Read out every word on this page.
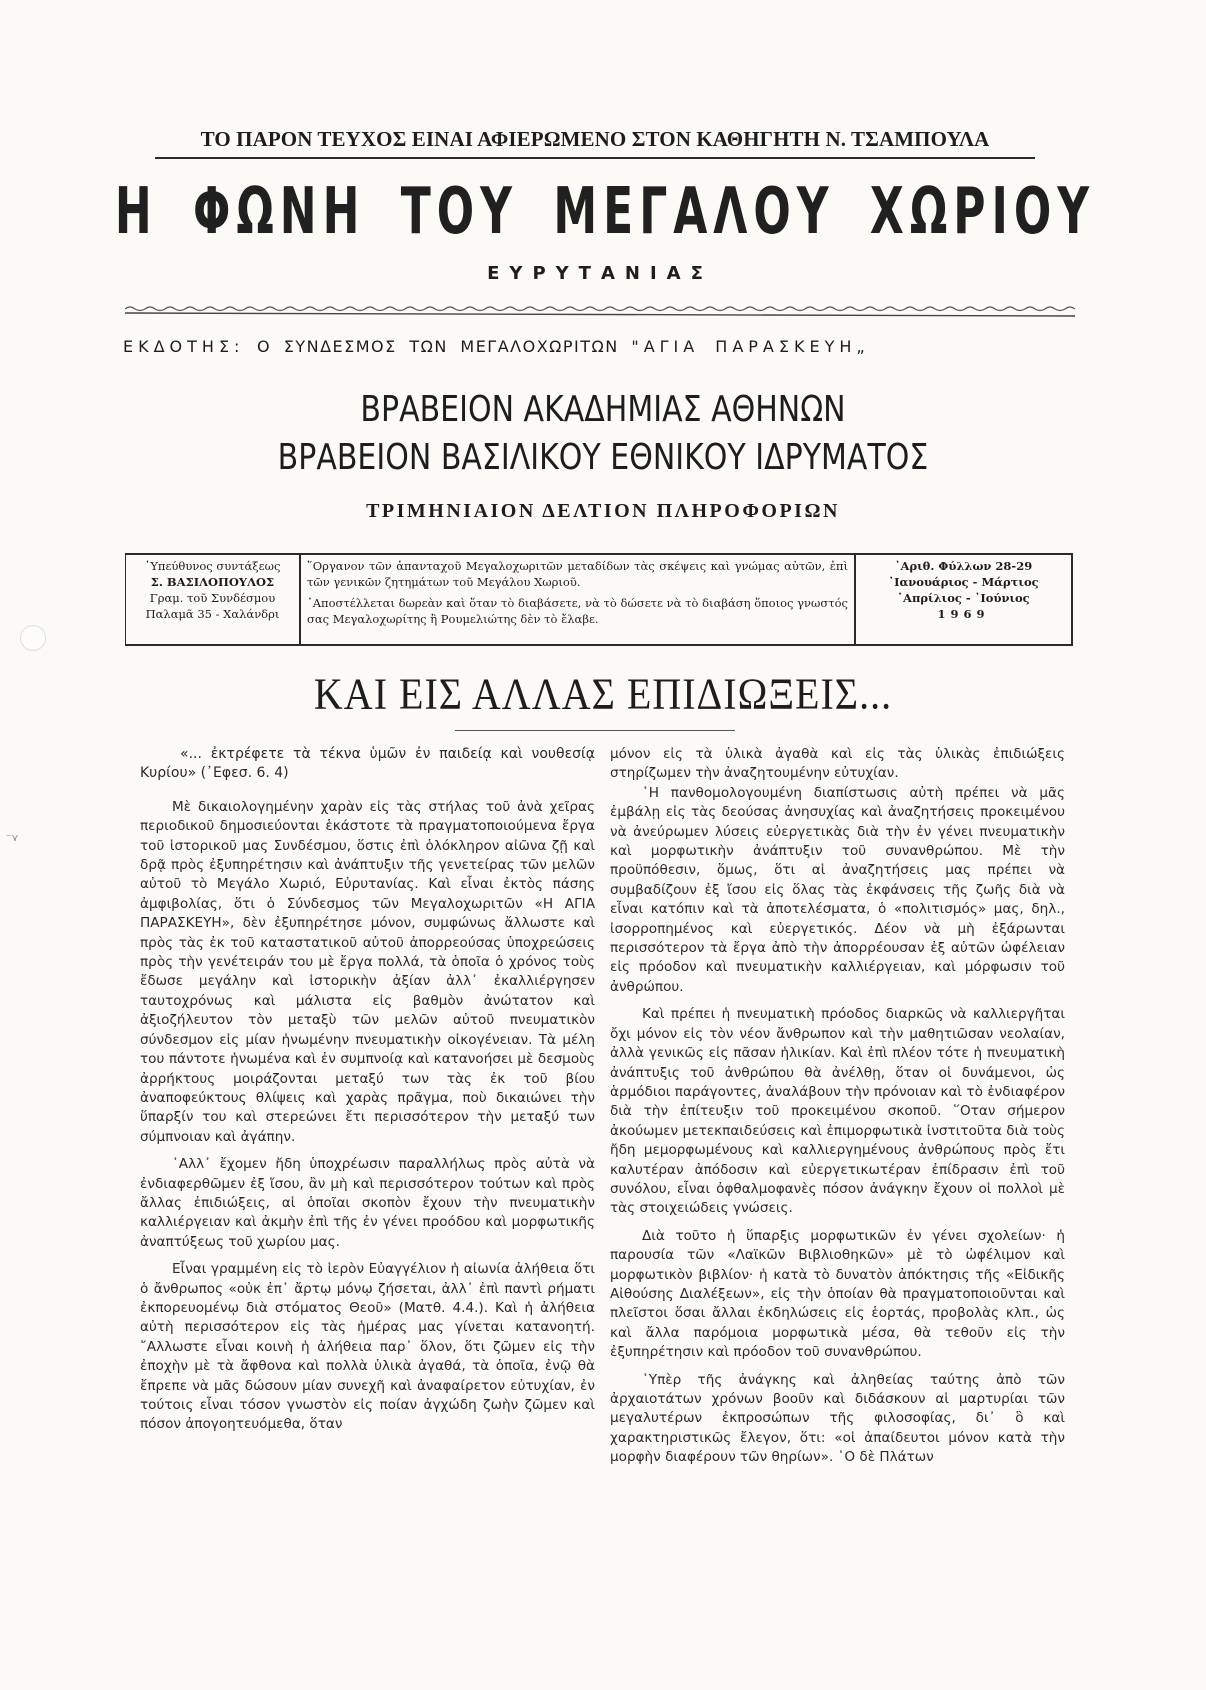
ΤΟ ΠΑΡΟΝ ΤΕΥΧΟΣ ΕΙΝΑΙ ΑΦΙΕΡΩΜΕΝΟ ΣΤΟΝ ΚΑΘΗΓΗΤΗ Ν. ΤΣΑΜΠΟΥΛΑ
Η ΦΩΝΗ ΤΟΥ ΜΕΓΑΛΟΥ ΧΩΡΙΟΥ
ΕΥΡΥΤΑΝΙΑΣ
ΕΚΔΟΤΗΣ: Ο ΣΥΝΔΕΣΜΟΣ ΤΩΝ ΜΕΓΑΛΟΧΩΡΙΤΩΝ "ΑΓΙΑ ΠΑΡΑΣΚΕΥΗ„
ΒΡΑΒΕΙΟΝ ΑΚΑΔΗΜΙΑΣ ΑΘΗΝΩΝ
ΒΡΑΒΕΙΟΝ ΒΑΣΙΛΙΚΟΥ ΕΘΝΙΚΟΥ ΙΔΡΥΜΑΤΟΣ
ΤΡΙΜΗΝΙΑΙΟΝ ΔΕΛΤΙΟΝ ΠΛΗΡΟΦΟΡΙΩΝ
῾Υπεύθυνος συντάξεως
Σ. ΒΑΣΙΛΟΠΟΥΛΟΣ
Γραμ. τοῦ Συνδέσμου
Παλαμᾶ 35 - Χαλάνδρι

῞Οργανον τῶν ἁπανταχοῦ Μεγαλοχωριτῶν μεταδίδων τὰς σκέψεις καὶ γνώμας αὐτῶν, ἐπὶ τῶν γενικῶν ζητημάτων τοῦ Μεγάλου Χωριοῦ.

᾽Αποστέλλεται δωρεὰν καὶ ὅταν τὸ διαβάσετε, νὰ τὸ δώσετε νὰ τὸ διαβάση ὅποιος γνωστός σας Μεγαλοχωρίτης ἢ Ρουμελιώτης δὲν τὸ ἔλαβε.

᾽Αριθ. Φύλλων 28-29
᾽Ιανουάριος - Μάρτιος
᾽Απρίλιος - ᾽Ιούνιος
1969
ΚΑΙ ΕΙΣ ΑΛΛΑΣ ΕΠΙΔΙΩΞΕΙΣ...

«... ἐκτρέφετε τὰ τέκνα ὑμῶν ἐν παιδείᾳ καὶ νουθεσίᾳ Κυρίου» (᾽Εφεσ. 6. 4)

Μὲ δικαιολογημένην χαρὰν εἰς τὰς στήλας τοῦ ἀνὰ χεῖρας περιοδικοῦ δημοσιεύονται ἑκάστοτε τὰ πραγματοποιούμενα ἔργα τοῦ ἱστορικοῦ μας Συνδέσμου, ὅστις ἐπὶ ὁλόκληρον αἰῶνα ζῇ καὶ δρᾷ πρὸς ἐξυπηρέτησιν καὶ ἀνάπτυξιν τῆς γενετείρας τῶν μελῶν αὐτοῦ τὸ Μεγάλο Χωριό, Εὐρυτανίας. Καὶ εἶναι ἐκτὸς πάσης ἀμφιβολίας, ὅτι ὁ Σύνδεσμος τῶν Μεγαλοχωριτῶν «Η ΑΓΙΑ ΠΑΡΑΣΚΕΥΗ», δὲν ἐξυπηρέτησε μόνον, συμφώνως ἄλλωστε καὶ πρὸς τὰς ἐκ τοῦ καταστατικοῦ αὐτοῦ ἀπορρεούσας ὑποχρεώσεις πρὸς τὴν γενέτειράν του μὲ ἔργα πολλά, τὰ ὁποῖα ὁ χρόνος τοὺς ἔδωσε μεγάλην καὶ ἱστορικὴν ἀξίαν ἀλλ᾽ ἐκαλλιέργησεν ταυτοχρόνως καὶ μάλιστα εἰς βαθμὸν ἀνώτατον καὶ ἀξιοζήλευτον τὸν μεταξὺ τῶν μελῶν αὐτοῦ πνευματικὸν σύνδεσμον εἰς μίαν ἡνωμένην πνευματικὴν οἰκογένειαν. Τὰ μέλη του πάντοτε ἡνωμένα καὶ ἐν συμπνοίᾳ καὶ κατανοήσει μὲ δεσμοὺς ἀρρήκτους μοιράζονται μεταξύ των τὰς ἐκ τοῦ βίου ἀναποφεύκτους θλίψεις καὶ χαρὰς πρᾶγμα, ποὺ δικαιώνει τὴν ὕπαρξίν του καὶ στερεώνει ἔτι περισσότερον τὴν μεταξύ των σύμπνοιαν καὶ ἀγάπην.

᾽Αλλ᾽ ἔχομεν ἤδη ὑποχρέωσιν παραλλήλως πρὸς αὐτὰ νὰ ἐνδιαφερθῶμεν ἐξ ἴσου, ἂν μὴ καὶ περισσότερον τούτων καὶ πρὸς ἄλλας ἐπιδιώξεις, αἱ ὁποῖαι σκοπὸν ἔχουν τὴν πνευματικὴν καλλιέργειαν καὶ ἀκμὴν ἐπὶ τῆς ἐν γένει προόδου καὶ μορφωτικῆς ἀναπτύξεως τοῦ χωρίου μας.

Εἶναι γραμμένη εἰς τὸ ἱερὸν Εὐαγγέλιον ἡ αἰωνία ἀλήθεια ὅτι ὁ ἄνθρωπος «οὐκ ἐπ᾽ ἄρτῳ μόνῳ ζήσεται, ἀλλ᾽ ἐπὶ παντὶ ρήματι ἐκπορευομένῳ διὰ στόματος Θεοῦ» (Ματθ. 4.4.). Καὶ ἡ ἀλήθεια αὐτὴ περισσότερον εἰς τὰς ἡμέρας μας γίνεται κατανοητή. ῎Αλλωστε εἶναι κοινὴ ἡ ἀλήθεια παρ᾽ ὅλον, ὅτι ζῶμεν εἰς τὴν ἐποχὴν μὲ τὰ ἄφθονα καὶ πολλὰ ὑλικὰ ἀγαθά, τὰ ὁποῖα, ἐνῷ θὰ ἔπρεπε νὰ μᾶς δώσουν μίαν συνεχῆ καὶ ἀναφαίρετον εὐτυχίαν, ἐν τούτοις εἶναι τόσον γνωστὸν εἰς ποίαν ἀγχώδη ζωὴν ζῶμεν καὶ πόσον ἀπογοητευόμεθα, ὅταν

μόνον εἰς τὰ ὑλικὰ ἀγαθὰ καὶ εἰς τὰς ὑλικὰς ἐπιδιώξεις στηρίζωμεν τὴν ἀναζητουμένην εὐτυχίαν.

῾Η πανθομολογουμένη διαπίστωσις αὐτὴ πρέπει νὰ μᾶς ἐμβάλῃ εἰς τὰς δεούσας ἀνησυχίας καὶ ἀναζητήσεις προκειμένου νὰ ἀνεύρωμεν λύσεις εὐεργετικὰς διὰ τὴν ἐν γένει πνευματικὴν καὶ μορφωτικὴν ἀνάπτυξιν τοῦ συνανθρώπου. Μὲ τὴν προϋπόθεσιν, ὅμως, ὅτι αἱ ἀναζητήσεις μας πρέπει νὰ συμβαδίζουν ἐξ ἴσου εἰς ὅλας τὰς ἐκφάνσεις τῆς ζωῆς διὰ νὰ εἶναι κατόπιν καὶ τὰ ἀποτελέσματα, ὁ «πολιτισμός» μας, δηλ., ἰσορροπημένος καὶ εὐεργετικός. Δέον νὰ μὴ ἐξάρωνται περισσότερον τὰ ἔργα ἀπὸ τὴν ἀπορρέουσαν ἐξ αὐτῶν ὠφέλειαν εἰς πρόοδον καὶ πνευματικὴν καλλιέργειαν, καὶ μόρφωσιν τοῦ ἀνθρώπου.

Καὶ πρέπει ἡ πνευματικὴ πρόοδος διαρκῶς νὰ καλλιεργῆται ὄχι μόνον εἰς τὸν νέον ἄνθρωπον καὶ τὴν μαθητιῶσαν νεολαίαν, ἀλλὰ γενικῶς εἰς πᾶσαν ἡλικίαν. Καὶ ἐπὶ πλέον τότε ἡ πνευματικὴ ἀνάπτυξις τοῦ ἀνθρώπου θὰ ἀνέλθῃ, ὅταν οἱ δυνάμενοι, ὡς ἁρμόδιοι παράγοντες, ἀναλάβουν τὴν πρόνοιαν καὶ τὸ ἐνδιαφέρον διὰ τὴν ἐπίτευξιν τοῦ προκειμένου σκοποῦ. ῞Οταν σήμερον ἀκούωμεν μετεκπαιδεύσεις καὶ ἐπιμορφωτικὰ ἰνστιτοῦτα διὰ τοὺς ἤδη μεμορφωμένους καὶ καλλιεργημένους ἀνθρώπους πρὸς ἔτι καλυτέραν ἀπόδοσιν καὶ εὐεργετικωτέραν ἐπίδρασιν ἐπὶ τοῦ συνόλου, εἶναι ὀφθαλμοφανὲς πόσον ἀνάγκην ἔχουν οἱ πολλοὶ μὲ τὰς στοιχειώδεις γνώσεις.

Διὰ τοῦτο ἡ ὕπαρξις μορφωτικῶν ἐν γένει σχολείων· ἡ παρουσία τῶν «Λαϊκῶν Βιβλιοθηκῶν» μὲ τὸ ὠφέλιμον καὶ μορφωτικὸν βιβλίον· ἡ κατὰ τὸ δυνατὸν ἀπόκτησις τῆς «Εἰδικῆς Αἰθούσης Διαλέξεων», εἰς τὴν ὁποίαν θὰ πραγματοποιοῦνται καὶ πλεῖστοι ὅσαι ἄλλαι ἐκδηλώσεις εἰς ἑορτάς, προβολὰς κλπ., ὡς καὶ ἄλλα παρόμοια μορφωτικὰ μέσα, θὰ τεθοῦν εἰς τὴν ἐξυπηρέτησιν καὶ πρόοδον τοῦ συνανθρώπου.

῾Υπὲρ τῆς ἀνάγκης καὶ ἀληθείας ταύτης ἀπὸ τῶν ἀρχαιοτάτων χρόνων βοοῦν καὶ διδάσκουν αἱ μαρτυρίαι τῶν μεγαλυτέρων ἐκπροσώπων τῆς φιλοσοφίας, δι᾽ ὃ καὶ χαρακτηριστικῶς ἔλεγον, ὅτι: «οἱ ἀπαίδευτοι μόνον κατὰ τὴν μορφὴν διαφέρουν τῶν θηρίων». ῾Ο δὲ Πλάτων

⁻⋎
